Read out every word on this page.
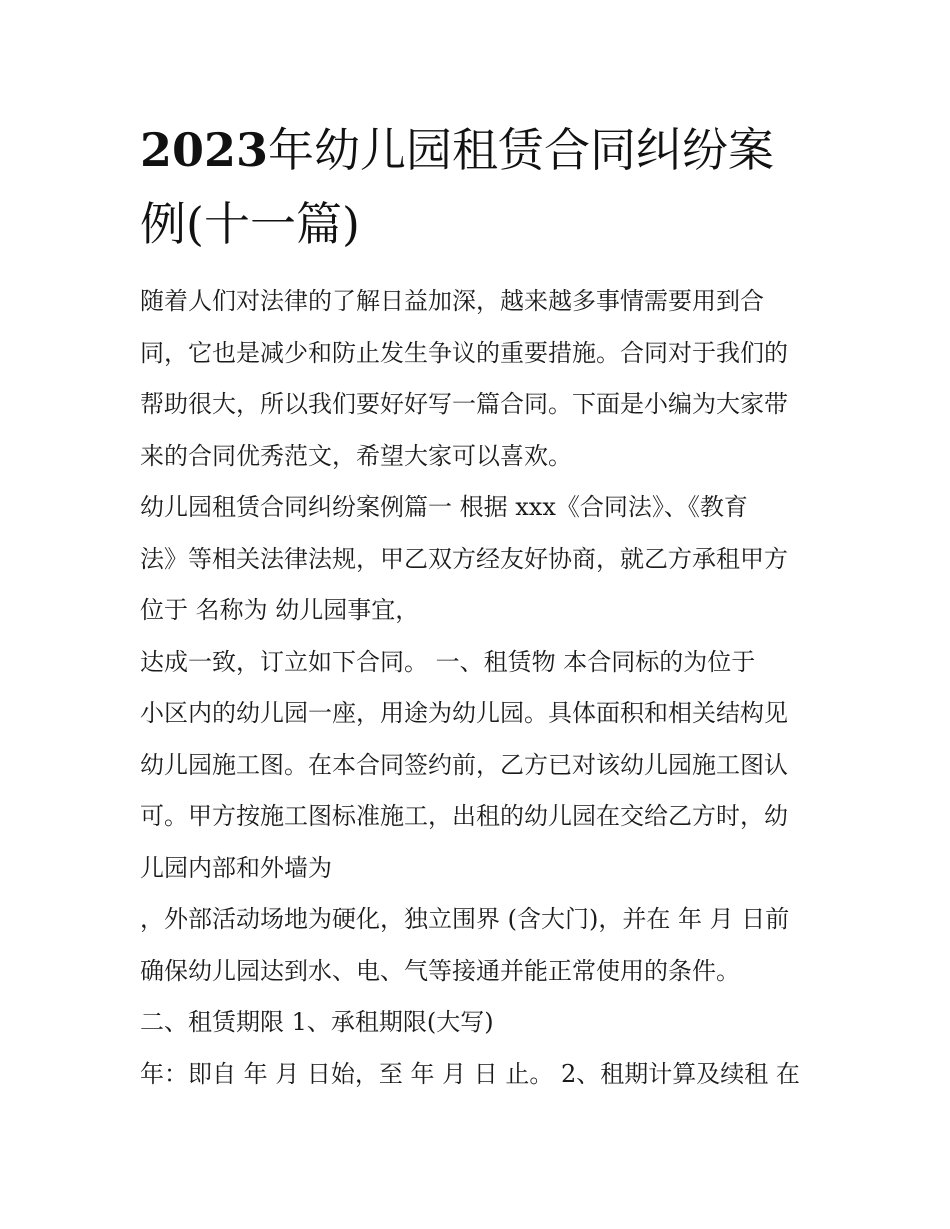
2023年幼儿园租赁合同纠纷案
例(十一篇)
随着人们对法律的了解日益加深，越来越多事情需要用到合
同，它也是减少和防止发生争议的重要措施。合同对于我们的
帮助很大，所以我们要好好写一篇合同。下面是小编为大家带
来的合同优秀范文，希望大家可以喜欢。
幼儿园租赁合同纠纷案例篇一 根据 xxx《合同法》、《教育
法》等相关法律法规，甲乙双方经友好协商，就乙方承租甲方
位于 名称为 幼儿园事宜，
达成一致，订立如下合同。 一、租赁物 本合同标的为位于
小区内的幼儿园一座，用途为幼儿园。具体面积和相关结构见
幼儿园施工图。在本合同签约前，乙方已对该幼儿园施工图认
可。甲方按施工图标准施工，出租的幼儿园在交给乙方时，幼
儿园内部和外墙为
，外部活动场地为硬化，独立围界 (含大门)，并在 年 月 日前
确保幼儿园达到水、电、气等接通并能正常使用的条件。
二、租赁期限 1、承租期限(大写)
年：即自 年 月 日始，至 年 月 日 止。 2、租期计算及续租 在
